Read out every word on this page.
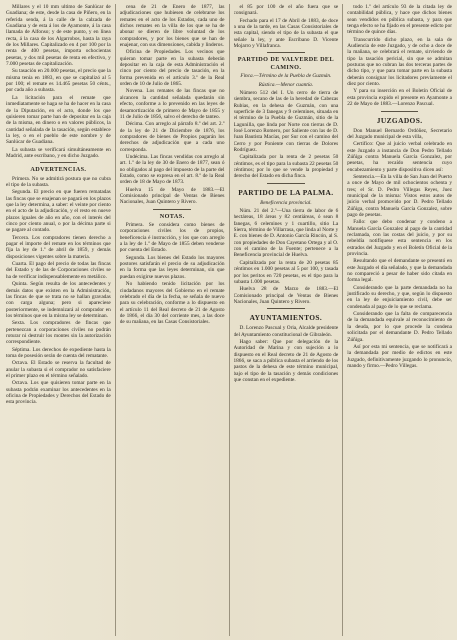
Millares y el 10 mm ultimo de Sanlúcar de Guadiana; de este, desde la casa de Piñero, en la referida senda, á la calle de la calzada de Guadiana y de esta á los de Ayamonte, á la casa llamada de Alfonso; y de este punto, y en línea recta, á la casa de los Algarrobos, hasta la raya de los Millares. Capitalizado en 4 por 100 por la renta de 400 pesetas, importa ochocientas pesetas, y dos mil pesetas de renta en efectivo, y 7.000 pesetas de capitalización.

Su tasación en 20.000 pesetas, el precio que la misma tenía en 1883, en que se capitalizó al 5 por 100; el remate es 14.465 pesetas 50 cénts., por cada año a subasta.

La licitación para el remate que inmediatamente se haga se ha de hacer en la casa de la Diputación, en el acto, donde los que quisieren tomar parte han de depositar en la caja de la misma, en dinero o en valores públicos, la cantidad señalada de la tasación, según establece la ley, o en el pueblo de este nombre y de Sanlúcar de Guadiana.

La subasta se verificará simultáneamente en Madrid, ante escribano, y en dicho Juzgado.

ADVERTENCIAS.

Primera. No se admitirá postura que no cubra el tipo de la subasta.

Segunda. El precio en que fueren rematadas las fincas que se enajenan se pagará en los plazos que la ley determina, a saber: el veinte por ciento en el acto de la adjudicación, y el resto en nueve plazos iguales de año en año, con el interés del cinco por ciento anual, o por la décima parte si se pagare al contado.

Tercera. Los compradores tienen derecho a pagar el importe del remate en los términos que fija la ley de 1.º de abril de 1859, y demás disposiciones vigentes sobre la materia.

Cuarta. El pago del precio de todas las fincas del Estado y de las de Corporaciones civiles se ha de verificar indispensablemente en metálico.

Quinta. Según resulta de los antecedentes y demás datos que existen en la Administración, las fincas de que se trata no se hallan gravadas con carga alguna; pero si apareciese posteriormente, se indemnizará al comprador en los términos que en la misma ley se determinan.

Sexta. Los compradores de fincas que pertenezcan a corporaciones civiles no podrán roturar ni destruir los montes sin la autorización correspondiente.

Séptima. Los derechos de expediente hasta la toma de posesión serán de cuenta del rematante.

Octava. El Estado se reserva la facultad de anular la subasta si el comprador no satisfaciere el primer plazo en el término señalado.

Octava. Los que quisieren tomar parte en la subasta podrán examinar los antecedentes en la oficina de Propiedades y Derechos del Estado de esta provincia.

cena de 21 de Enero de 1877, las adjudicaciones que hubiesen de celebrarse los remates en el acto de los Estados, cada uno de dichos remates en la villa de los que se ha de abonar se dieren de libre voluntad de los compradores, y por los bienes que se han de enajenar, con sus dimensiones, cabida y linderos.

Oficina de Propiedades. Los vecinos que quieran tomar parte en la subasta deberán depositar en la caja de esta Administración el cinco por ciento del precio de tasación, en la forma prevenida en el artículo 3.º de la Real orden de 10 de Julio de 1865.

Novena. Los remates de las fincas que no alcancen la cantidad señalada quedarán sin efecto, conforme a lo prevenido en las leyes de desamortización de primero de Mayo de 1855 y 11 de Julio de 1856, salvo el derecho de tanteo.

Décima. Con arreglo al párrafo 8.º del art. 2.º de la ley de 21 de Diciembre de 1876, los compradores de bienes de Propios pagarán los derechos de adjudicación que a cada uno corresponda.

Undécima. Las fincas vendidas con arreglo al art. 1.º de la ley de 30 de Enero de 1877, sean ó no obligados al pago del impuesto de la parte del Estado, como se expresa en el art. 8.º de la Real orden de 18 de Mayo de 1873.

Huelva 15 de Mayo de 1883.—El Comisionado principal de Ventas de Bienes Nacionales, Juan Quintero y Rivero.

NOTAS.

Primera. Se considera como bienes de corporaciones civiles los de propios, beneficencia é instrucción, y los que con arreglo a la ley de 1.º de Mayo de 1855 deben venderse por cuenta del Estado.

Segunda. Los bienes del Estado los mayores postores satisfarán el precio de su adjudicación en la forma que las leyes determinan, sin que puedan exigirse nuevos plazos.

No habiendo tenido licitación por los ciudadanos mayores del Gobierno en el remate celebrado el día de la fecha, se señala de nuevo para su celebración, conforme a lo dispuesto en el artículo 11 del Real decreto de 21 de Agosto de 1866, el día 30 del corriente mes, a las doce de su mañana, en las Casas Consistoriales.

el 85 por 100 de el año fuera que se consignará.

Fechado para el 17 de Abril de 1883, de doce a una de la tarde, en las Casas Consistoriales de esta capital, siendo el tipo de la subasta el que señale la ley, y ante Escribano D. Vicente Mojarro y Villafranca.

PARTIDO DE VALVERDE DEL CAMINO.

Finca.—Término de la Puebla de Guzmán.

Rústica.—Menor cuantía.

Número 512 del I. Un cerro de tierra de siembra, secano de las de la heredad de Cabezas Rubias, en la dehesa de Guzmán, con una superficie de 3 fanegas y 9 celemines, situada en el término de la Puebla de Guzmán, sitio de la Lagunilla, que linda por Norte con tierras de D. José Lorenzo Romero, por Saliente con las de D. Juan Bautista Macías, por Sur con el camino del Cerro y por Poniente con tierras de Dolores Rodríguez.

Capitalizada por la renta de 2 pesetas 50 céntimos, es el tipo para la subasta 22 pesetas 50 céntimos; por lo que se vende la propiedad y derecho del Estado en dicha finca.

PARTIDO DE LA PALMA.

Beneficencia provincial.

Núm. 21 del 2.º—Una tierra de labor de 6 hectáreas, 18 áreas y 82 centiáreas, ó sean 8 fanegas, 6 celemines y 1 cuartillo, sitio La Sierra, término de Villarrasa, que linda al Norte y E. con bienes de D. Antonio García Rincón, al S. con propiedades de Don Cayetano Ortega y al O. con el camino de la Fuente; pertenece a la Beneficencia provincial de Huelva.

Capitalizada por la renta de 20 pesetas 85 céntimos en 1.000 pesetas al 5 por 100, y tasada por los peritos en 720 pesetas, es el tipo para la subasta 1.000 pesetas.

Huelva 28 de Marzo de 1883.—El Comisionado principal de Ventas de Bienes Nacionales, Juan Quintero y Rivero.

AYUNTAMIENTOS.

D. Lorenzo Pascual y Oria, Alcalde presidente del Ayuntamiento constitucional de Gibraleón.

Hago saber: Que por delegación de la Autoridad de Marina y con sujeción a lo dispuesto en el Real decreto de 21 de Agosto de 1866, se saca a pública subasta el arriendo de los pastos de la dehesa de este término municipal, bajo el tipo de la tasación y demás condiciones que constan en el expediente.

todo 1.º del artículo 93 de la citada ley de contabilidad pública, y hace que dichos bienes sean vendidos en pública subasta, y para que tenga efecto se ha fijado en el presente edicto por término de quince días.

Transcurrido dicho plazo, en la sala de Audiencia de este Juzgado, y de ocho a doce de la mañana, se celebrará el remate, sirviendo de tipo la tasación pericial, sin que se admitan posturas que no cubran las dos terceras partes de dicho tipo, y que para tomar parte en la subasta deberán consignar los licitadores previamente el diez por ciento.

Y para su inserción en el Boletín Oficial de esta provincia expido el presente en Ayamonte a 22 de Mayo de 1883.—Lorenzo Pascual.

JUZGADOS.

Don Manuel Bernardo Ordóñez, Secretario del Juzgado municipal de esta villa,

Certifico: Que al juicio verbal celebrado en este Juzgado a instancia de Don Pedro Tellado Zúñiga contra Manuela García Gonzalez, por pesetas, ha recaído sentencia cuyo encabezamiento y parte dispositiva dicen así:

Sentencia.—En la villa de San Juan del Puerto a once de Mayo de mil ochocientos ochenta y tres; el Sr. D. Pedro Villegas Reyes, Juez municipal de la misma: Vistos estos autos de juicio verbal promovido por D. Pedro Tellado Zúñiga, contra Manuela García Gonzalez, sobre pago de pesetas.

Fallo: que debo condenar y condeno a Manuela García Gonzalez al pago de la cantidad reclamada, con las costas del juicio, y por su rebeldía notifíquese esta sentencia en los estrados del Juzgado y en el Boletín Oficial de la provincia.

Resultando que el demandante se presentó en este Juzgado el día señalado, y que la demandada no compareció a pesar de haber sido citada en forma legal.

Considerando que la parte demandada no ha justificado su derecho, y que, según lo dispuesto en la ley de enjuiciamiento civil, debe ser condenada al pago de lo que se reclama.

Considerando que la falta de comparecencia de la demandada equivale al reconocimiento de la deuda, por lo que procede la condena solicitada por el demandante D. Pedro Tellado Zúñiga.

Así por esta mi sentencia, que se notificará a la demandada por medio de edictos en este Juzgado, definitivamente juzgando lo pronuncio, mando y firmo.—Pedro Villegas.
